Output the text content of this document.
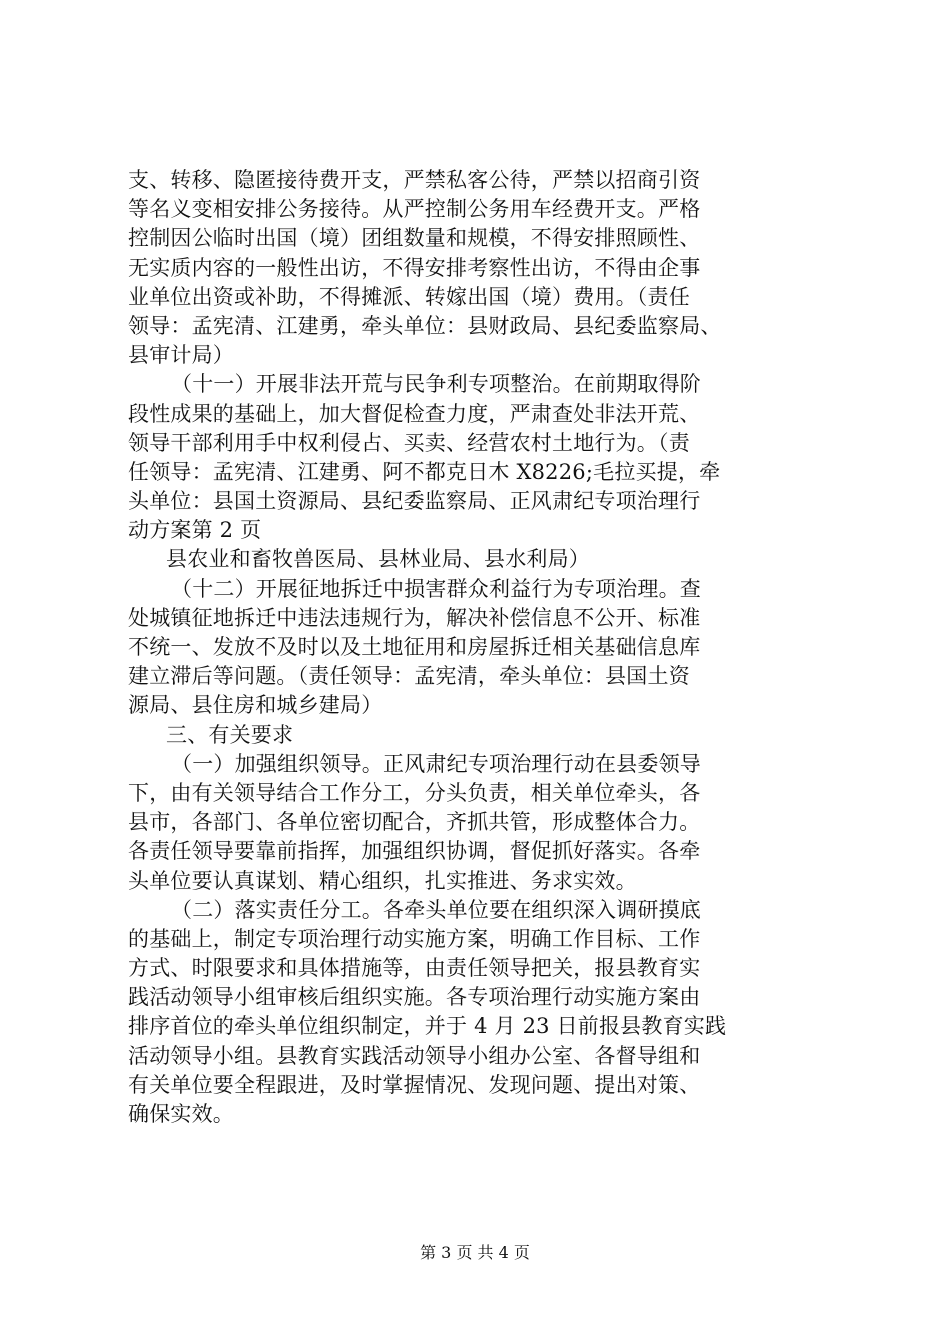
支、转移、隐匿接待费开支，严禁私客公待，严禁以招商引资
等名义变相安排公务接待。从严控制公务用车经费开支。严格
控制因公临时出国（境）团组数量和规模，不得安排照顾性、
无实质内容的一般性出访，不得安排考察性出访，不得由企事
业单位出资或补助，不得摊派、转嫁出国（境）费用。（责任
领导：孟宪清、江建勇，牵头单位：县财政局、县纪委监察局、
县审计局）
（十一）开展非法开荒与民争利专项整治。在前期取得阶
段性成果的基础上，加大督促检查力度，严肃查处非法开荒、
领导干部利用手中权利侵占、买卖、经营农村土地行为。（责
任领导：孟宪清、江建勇、阿不都克日木 X8226;毛拉买提，牵
头单位：县国土资源局、县纪委监察局、正风肃纪专项治理行
动方案第 2 页
县农业和畜牧兽医局、县林业局、县水利局）
（十二）开展征地拆迁中损害群众利益行为专项治理。查
处城镇征地拆迁中违法违规行为，解决补偿信息不公开、标准
不统一、发放不及时以及土地征用和房屋拆迁相关基础信息库
建立滞后等问题。（责任领导：孟宪清，牵头单位：县国土资
源局、县住房和城乡建局）
三、有关要求
（一）加强组织领导。正风肃纪专项治理行动在县委领导
下，由有关领导结合工作分工，分头负责，相关单位牵头，各
县市，各部门、各单位密切配合，齐抓共管，形成整体合力。
各责任领导要靠前指挥，加强组织协调，督促抓好落实。各牵
头单位要认真谋划、精心组织，扎实推进、务求实效。
（二）落实责任分工。各牵头单位要在组织深入调研摸底
的基础上，制定专项治理行动实施方案，明确工作目标、工作
方式、时限要求和具体措施等，由责任领导把关，报县教育实
践活动领导小组审核后组织实施。各专项治理行动实施方案由
排序首位的牵头单位组织制定，并于 4 月 23 日前报县教育实践
活动领导小组。县教育实践活动领导小组办公室、各督导组和
有关单位要全程跟进，及时掌握情况、发现问题、提出对策、
确保实效。
第 3 页 共 4 页
